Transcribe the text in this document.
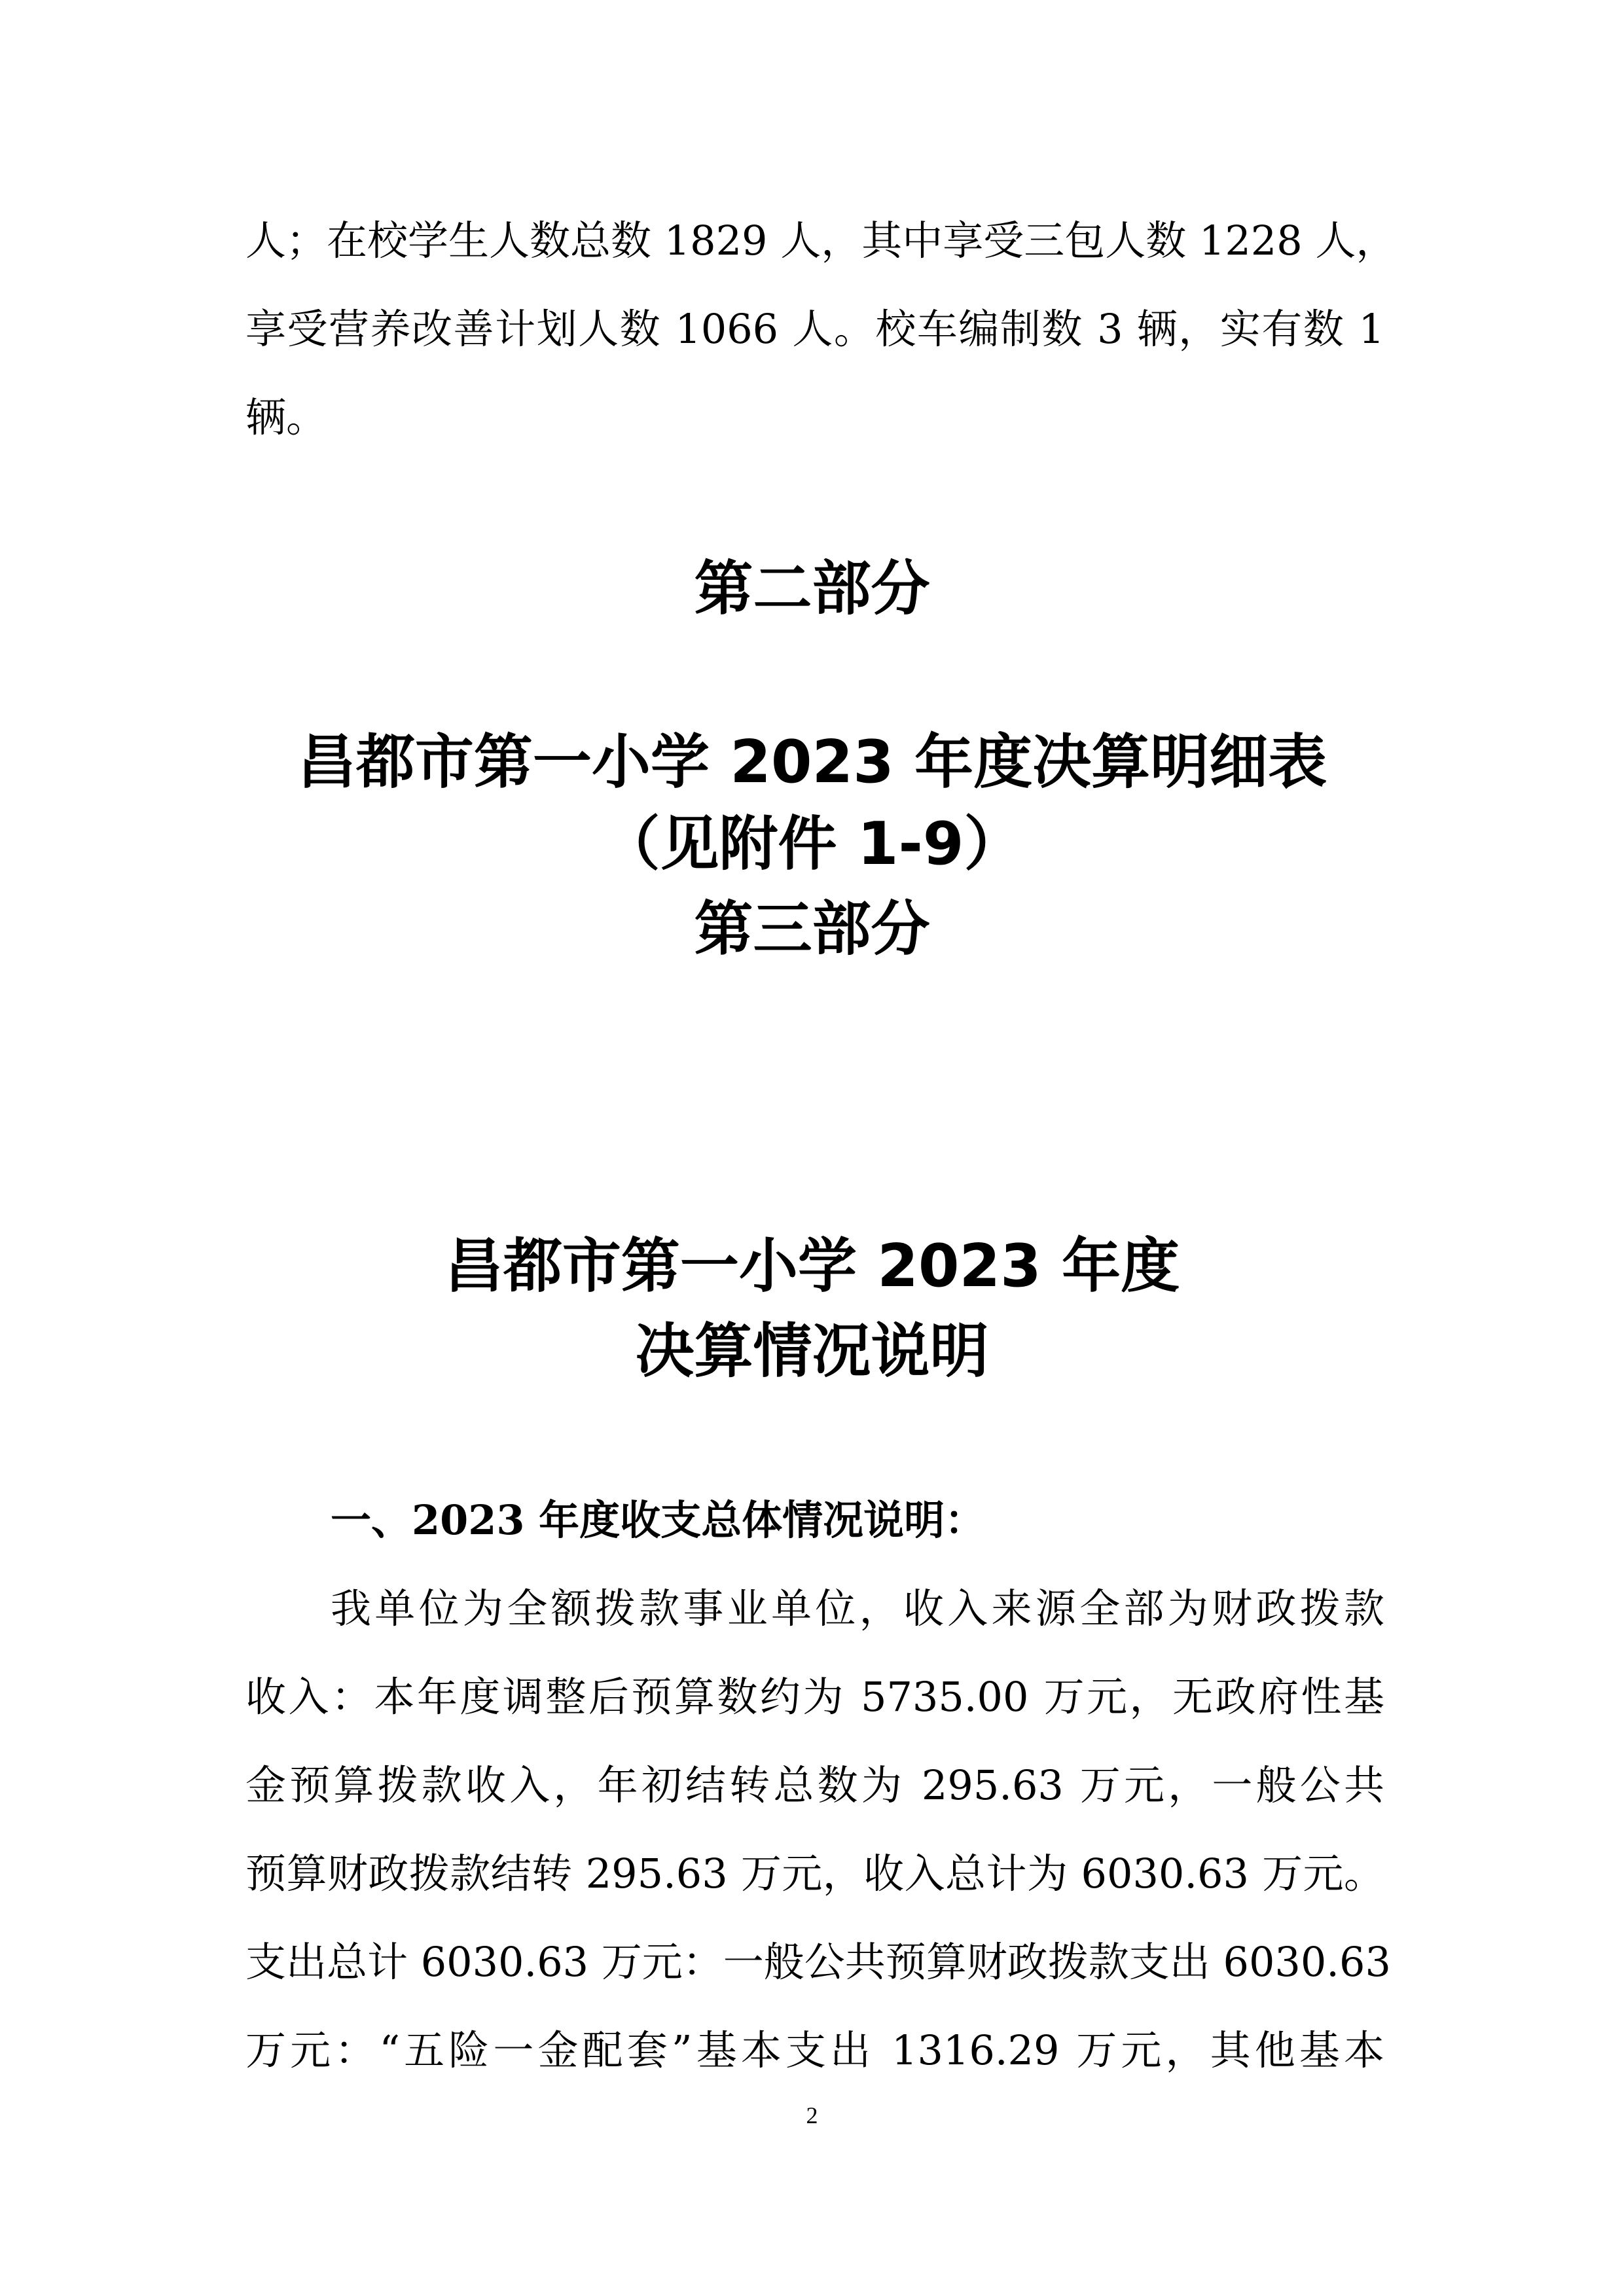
人；在校学生人数总数 1829 人，其中享受三包人数 1228 人，
享受营养改善计划人数 1066 人。校车编制数 3 辆，实有数 1
辆。
第二部分
昌都市第一小学 2023 年度决算明细表
（见附件 1-9）
第三部分
昌都市第一小学 2023 年度
决算情况说明
一、2023 年度收支总体情况说明：
我单位为全额拨款事业单位，收入来源全部为财政拨款
收入：本年度调整后预算数约为 5735.00 万元，无政府性基
金预算拨款收入，年初结转总数为 295.63 万元，一般公共
预算财政拨款结转 295.63 万元，收入总计为 6030.63 万元。
支出总计 6030.63 万元：一般公共预算财政拨款支出 6030.63
万元：“五险一金配套”基本支出 1316.29 万元，其他基本
2
